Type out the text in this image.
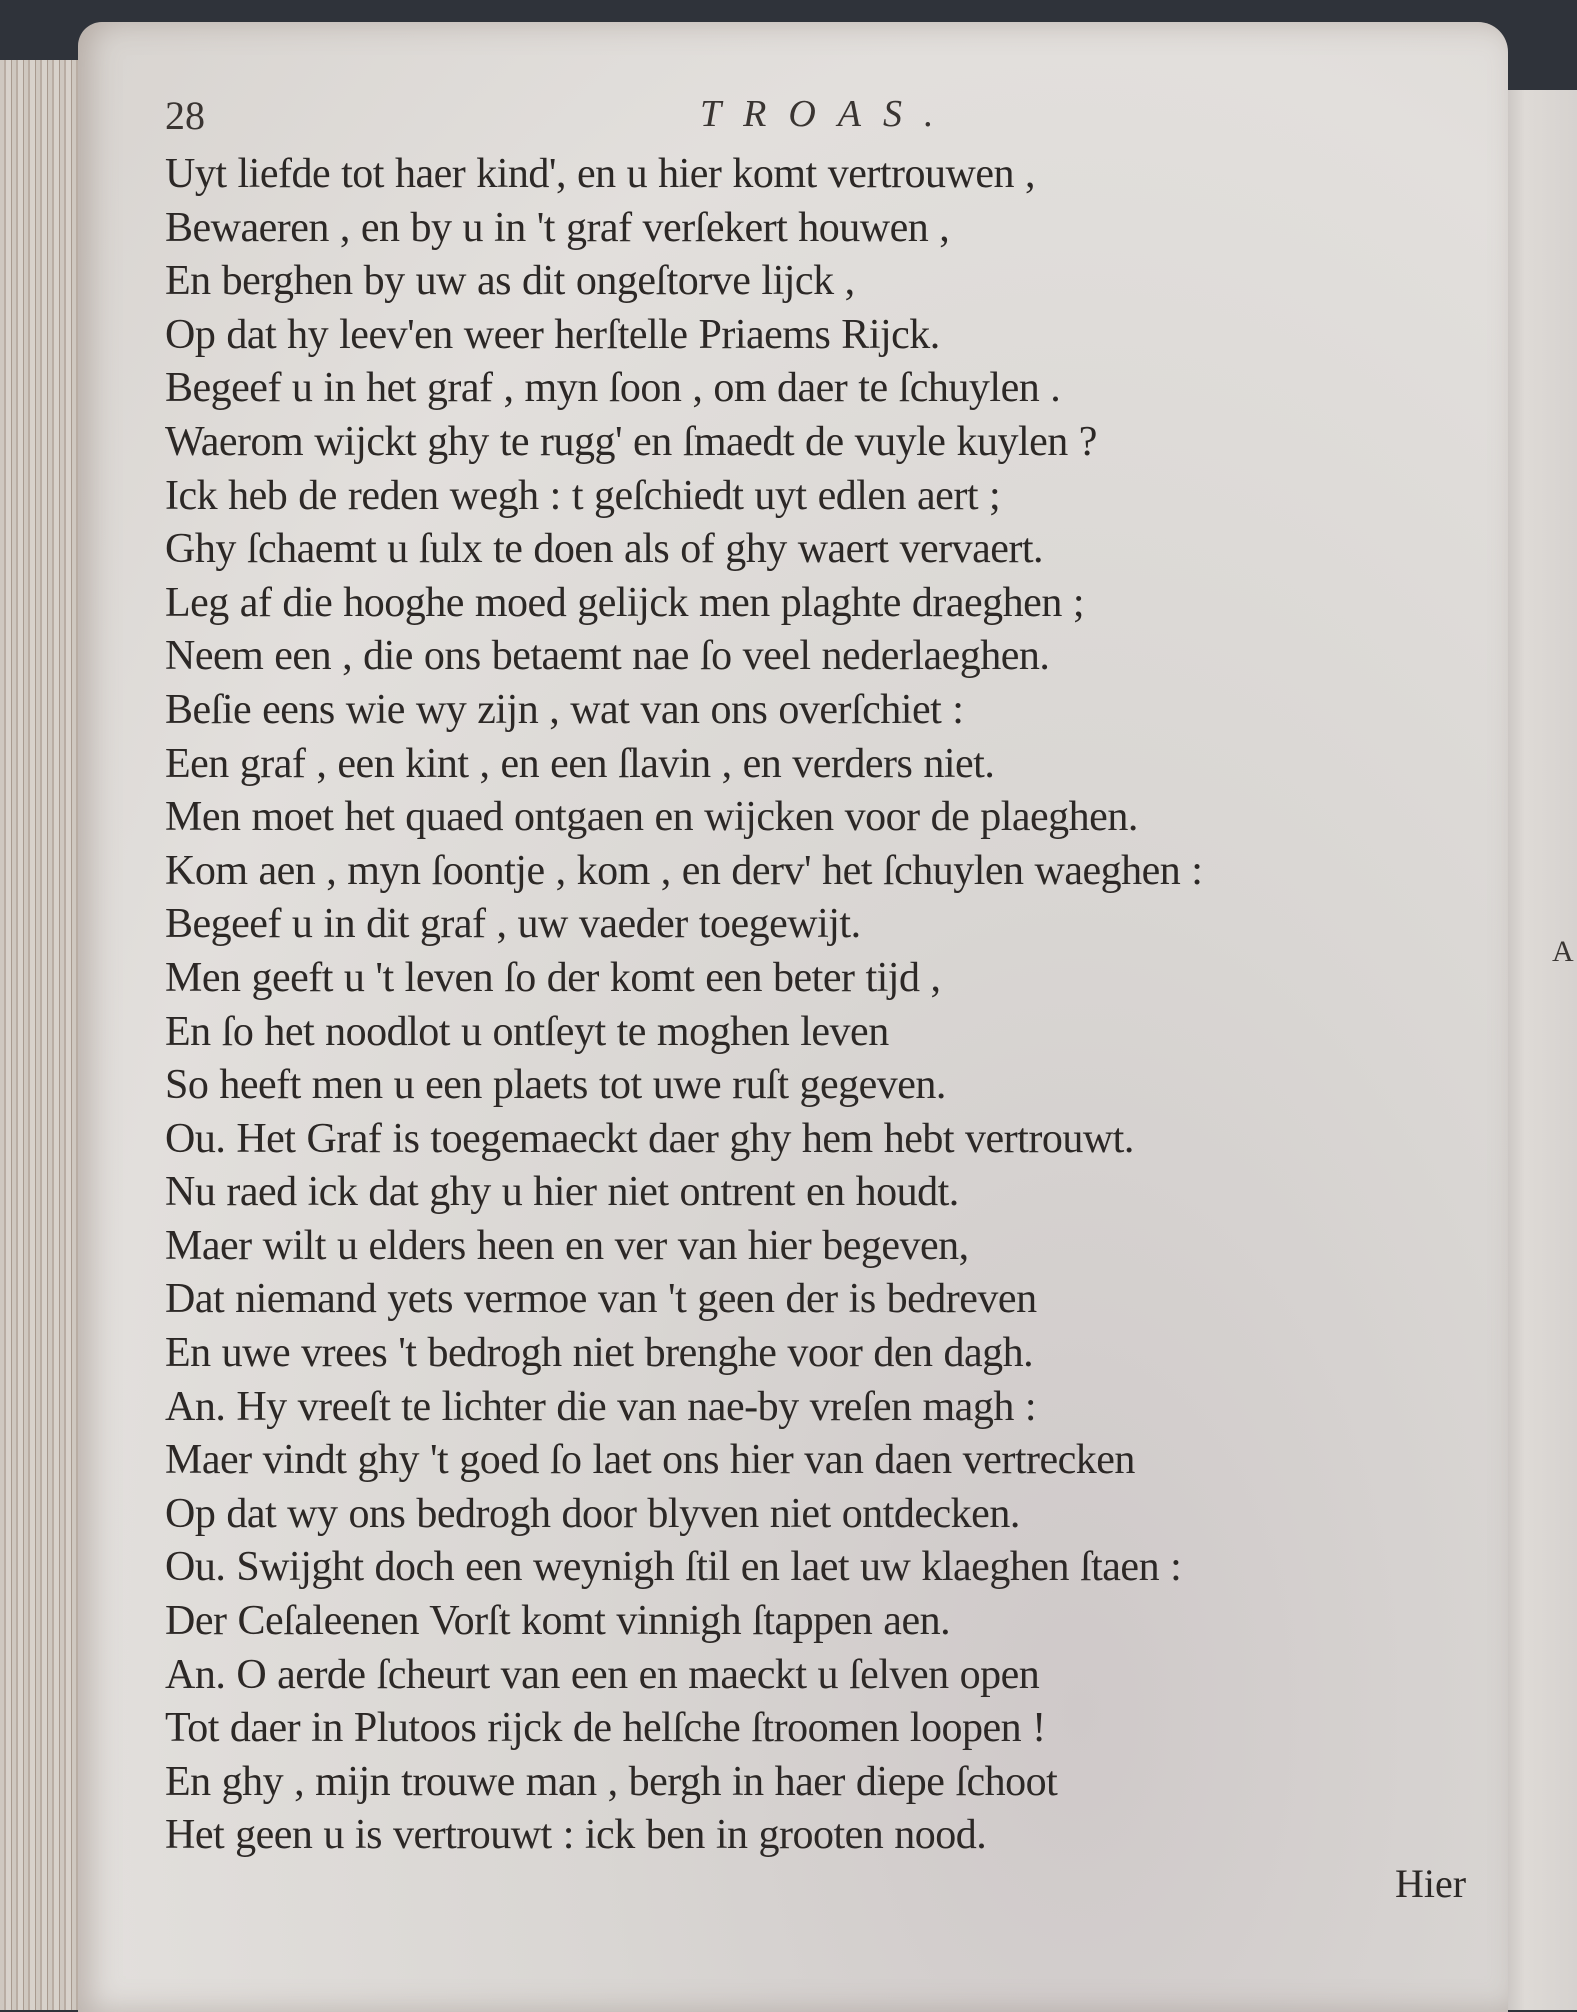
A
28	TROAS.
Uyt liefde tot haer kind', en u hier komt vertrouwen ,
Bewaeren , en by u in 't graf verſekert houwen ,
En berghen by uw as dit ongeſtorve lijck ,
Op dat hy leev'en weer herſtelle Priaems Rijck.
Begeef u in het graf , myn ſoon , om daer te ſchuylen .
Waerom wijckt ghy te rugg' en ſmaedt de vuyle kuylen ?
Ick heb de reden wegh : t geſchiedt uyt edlen aert ;
Ghy ſchaemt u ſulx te doen als of ghy waert vervaert.
Leg af die hooghe moed gelijck men plaghte draeghen ;
Neem een , die ons betaemt nae ſo veel nederlaeghen.
Beſie eens wie wy zijn , wat van ons overſchiet :
Een graf , een kint , en een ſlavin , en verders niet.
Men moet het quaed ontgaen en wijcken voor de plaeghen.
Kom aen , myn ſoontje , kom , en derv' het ſchuylen waeghen :
Begeef u in dit graf , uw vaeder toegewijt.
Men geeft u 't leven ſo der komt een beter tijd ,
En ſo het noodlot u ontſeyt te moghen leven
So heeft men u een plaets tot uwe ruſt gegeven.
Ou. Het Graf is toegemaeckt daer ghy hem hebt vertrouwt.
Nu raed ick dat ghy u hier niet ontrent en houdt.
Maer wilt u elders heen en ver van hier begeven,
Dat niemand yets vermoe van 't geen der is bedreven
En uwe vrees 't bedrogh niet brenghe voor den dagh.
An. Hy vreeſt te lichter die van nae-by vreſen magh :
Maer vindt ghy 't goed ſo laet ons hier van daen vertrecken
Op dat wy ons bedrogh door blyven niet ontdecken.
Ou. Swijght doch een weynigh ſtil en laet uw klaeghen ſtaen :
Der Ceſaleenen Vorſt komt vinnigh ſtappen aen.
An. O aerde ſcheurt van een en maeckt u ſelven open
Tot daer in Plutoos rijck de helſche ſtroomen loopen !
En ghy , mijn trouwe man , bergh in haer diepe ſchoot
Het geen u is vertrouwt : ick ben in grooten nood.
Hier
